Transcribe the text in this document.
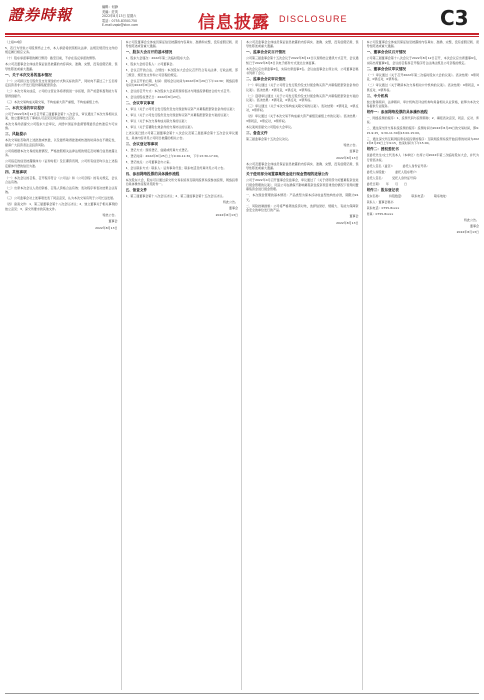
證券時報	編輯：何鋒
美編：莊爽
2022年8月13日 星期六
電話：0755-83501750
E-mail:zqsb@stcn.com	信息披露 DISCLOSURE	C3
（上接C2版）
5、若行为导致公司股票终止上市，本人承诺将依照相关法律、法规及规范性文件的规定履行相应义务。
（十）股东承诺事项的履行情况：截至目前，不存在违反承诺的情形。
本公司及董事会全体成员保证信息披露的内容真实、准确、完整，没有虚假记载、误导性陈述或重大遗漏。
一、关于本次交易的基本情况
（一）公司拟以发行股份及支付现金的方式购买标的资产，同时向不超过三十五名特定投资者非公开发行股份募集配套资金。
（二）本次交易完成后，公司的主营业务将得到进一步拓展，资产质量和盈利能力有望得到提升。
（三）本次交易构成关联交易，不构成重大资产重组，不构成重组上市。
二、本次交易的审议程序
公司于2022年8月12日召开第三届董事会第十八次会议，审议通过了本次交易相关议案，独立董事发表了事前认可意见及同意的独立意见。
本次交易尚需提交公司股东大会审议，并经中国证券监督管理委员会核准后方可实施。
三、风险提示
本次交易能否取得上述批准或核准，以及最终取得批准或核准的时间存在不确定性，提请广大投资者注意投资风险。
公司将根据本次交易的进展情况，严格按照相关法律法规的规定及时履行信息披露义务。
公司指定的信息披露媒体为《证券时报》及巨潮资讯网，公司所有信息均以在上述指定媒体刊登的信息为准。
四、其他事项
（一）本次会议的召集、召开程序符合《公司法》和《公司章程》的有关规定，会议合法有效。
（二）出席本次会议人员的资格、召集人资格合法有效；表决程序和表决结果合法有效。
（三）公司监事会对上述事项发表了同意意见，认为本次交易有利于公司长远发展。
（四）备查文件：1、第三届董事会第十八次会议决议；2、独立董事关于相关事项的独立意见；3、深交所要求的其他文件。
特此公告。
董事会
2022年8月13日
本公司及董事会全体成员保证信息披露的内容真实、准确和完整，没有虚假记载、误导性陈述或者重大遗漏。
一、股东大会召开的基本情况
1、股东大会届次：2022年第二次临时股东大会。
2、股东大会的召集人：公司董事会。
3、会议召开的合法、合规性：本次股东大会会议召开符合有关法律、行政法规、部门规章、规范性文件和公司章程的规定。
4、会议召开的日期、时间：现场会议时间为2022年8月29日下午14:30；网络投票时间为2022年8月29日。
5、会议的召开方式：本次股东大会采用现场表决与网络投票相结合的方式召开。
6、会议的股权登记日：2022年8月23日。
二、会议审议事项
1、审议《关于公司符合发行股份及支付现金购买资产并募集配套资金条件的议案》；
2、审议《关于公司发行股份及支付现金购买资产并募集配套资金方案的议案》；
3、审议《关于本次交易构成关联交易的议案》；
4、审议《关于签署附生效条件的交易协议的议案》。
上述议案已经公司第三届董事会第十八次会议及第三届监事会第十五次会议审议通过，具体内容详见公司同日披露的相关公告。
三、会议登记等事项
1、登记方式：现场登记、信函或传真方式登记。
2、登记时间：2022年8月25日上午9:00-11:30，下午13:30-17:00。
3、登记地点：公司董事会办公室。
4、会议联系方式：联系人：证券事务代表；联系电话及传真详见公司公告。
四、参加网络投票的具体操作流程
本次股东大会，股东可以通过深交所交易系统和互联网投票系统参加投票，网络投票的具体操作流程详见附件一。
五、备查文件
1、第三届董事会第十八次会议决议；2、第三届监事会第十五次会议决议。
特此公告。
董事会
2022年8月13日
本公司及监事会全体成员保证信息披露的内容真实、准确、完整，没有虚假记载、误导性陈述或重大遗漏。
一、监事会会议召开情况
公司第三届监事会第十五次会议于2022年8月12日以现场结合通讯方式召开，会议通知已于2022年8月8日以电子邮件方式送达全体监事。
本次会议应出席监事3名，实际出席监事3名。会议由监事会主席主持，公司董事会秘书列席了会议。
二、监事会会议审议情况
（一）审议通过《关于公司符合发行股份及支付现金购买资产并募集配套资金条件的议案》。表决结果：3票同意，0票反对，0票弃权。
（二）逐项审议通过《关于公司发行股份及支付现金购买资产并募集配套资金方案的议案》。表决结果：3票同意，0票反对，0票弃权。
（三）审议通过《关于本次交易构成关联交易的议案》。表决结果：3票同意，0票反对，0票弃权。
（四）审议通过《关于本次交易不构成重大资产重组及重组上市的议案》。表决结果：3票同意，0票反对，0票弃权。
本议案尚需提交公司股东大会审议。
三、备查文件
第三届监事会第十五次会议决议。
特此公告。
监事会
2022年8月13日
本公司及董事会全体成员保证信息披露的内容真实、准确、完整，没有虚假记载、误导性陈述或重大遗漏。
关于使用部分闲置募集资金进行现金管理的进展公告
公司于2022年4月召开董事会及监事会，审议通过了《关于使用部分闲置募集资金进行现金管理的议案》，同意公司在确保不影响募集资金投资项目建设的情况下使用闲置募集资金进行现金管理。
一、本次现金管理的基本情况：产品类型为保本浮动收益型结构性存款，期限为91天。
二、风险控制措施：公司将严格筛选投资对象，选择信誉好、规模大、有能力保障资金安全的单位发行的产品。
董事会
2022年8月13日
本公司及董事会全体成员保证信息披露的内容真实、准确、完整，没有虚假记载、误导性陈述或重大遗漏。
一、董事会会议召开情况
公司第三届董事会第十八次会议于2022年8月12日召开，本次会议应出席董事9名，实际出席董事9名，会议的召集和召开程序符合法律法规及公司章程的规定。
二、董事会会议审议情况
（一）审议通过《关于召开2022年第二次临时股东大会的议案》。表决结果：9票同意，0票反对，0票弃权。
（二）审议通过《关于聘请本次交易相关中介机构的议案》。表决结果：9票同意，0票反对，0票弃权。
三、中介机构
独立财务顾问、法律顾问、审计机构及评估机构均具备相关从业资格，能够为本次交易提供专业服务。
附件一：参加网络投票的具体操作流程
一、网络投票的程序：1、投票代码与投票简称；2、填报表决意见，同意、反对、弃权。
二、通过深交所交易系统投票的程序：投票时间为2022年8月29日的交易时间，即9:15-9:25，9:30-11:30和13:00-15:00。
三、通过深交所互联网投票系统投票的程序：互联网投票系统开始投票的时间为2022年8月29日上午9:15，结束时间为下午15:00。
附件二：授权委托书
兹委托先生/女士代表本人（本单位）出席公司2022年第二次临时股东大会，并代为行使表决权。
委托人签名（盖章）：　　　委托人身份证号码：
委托人持股数：　　　委托人股东账户：
受托人签名：　　　受托人身份证号码：
委托日期：　　年　　月　　日
附件三：股东登记表
股东名称：　　　持股数量：　　　联系电话：　　　联系地址：
联系人：董事会秘书
联系电话：0755-8xxxx
传真：0755-8xxxx
特此公告。
董事会
2022年8月13日
